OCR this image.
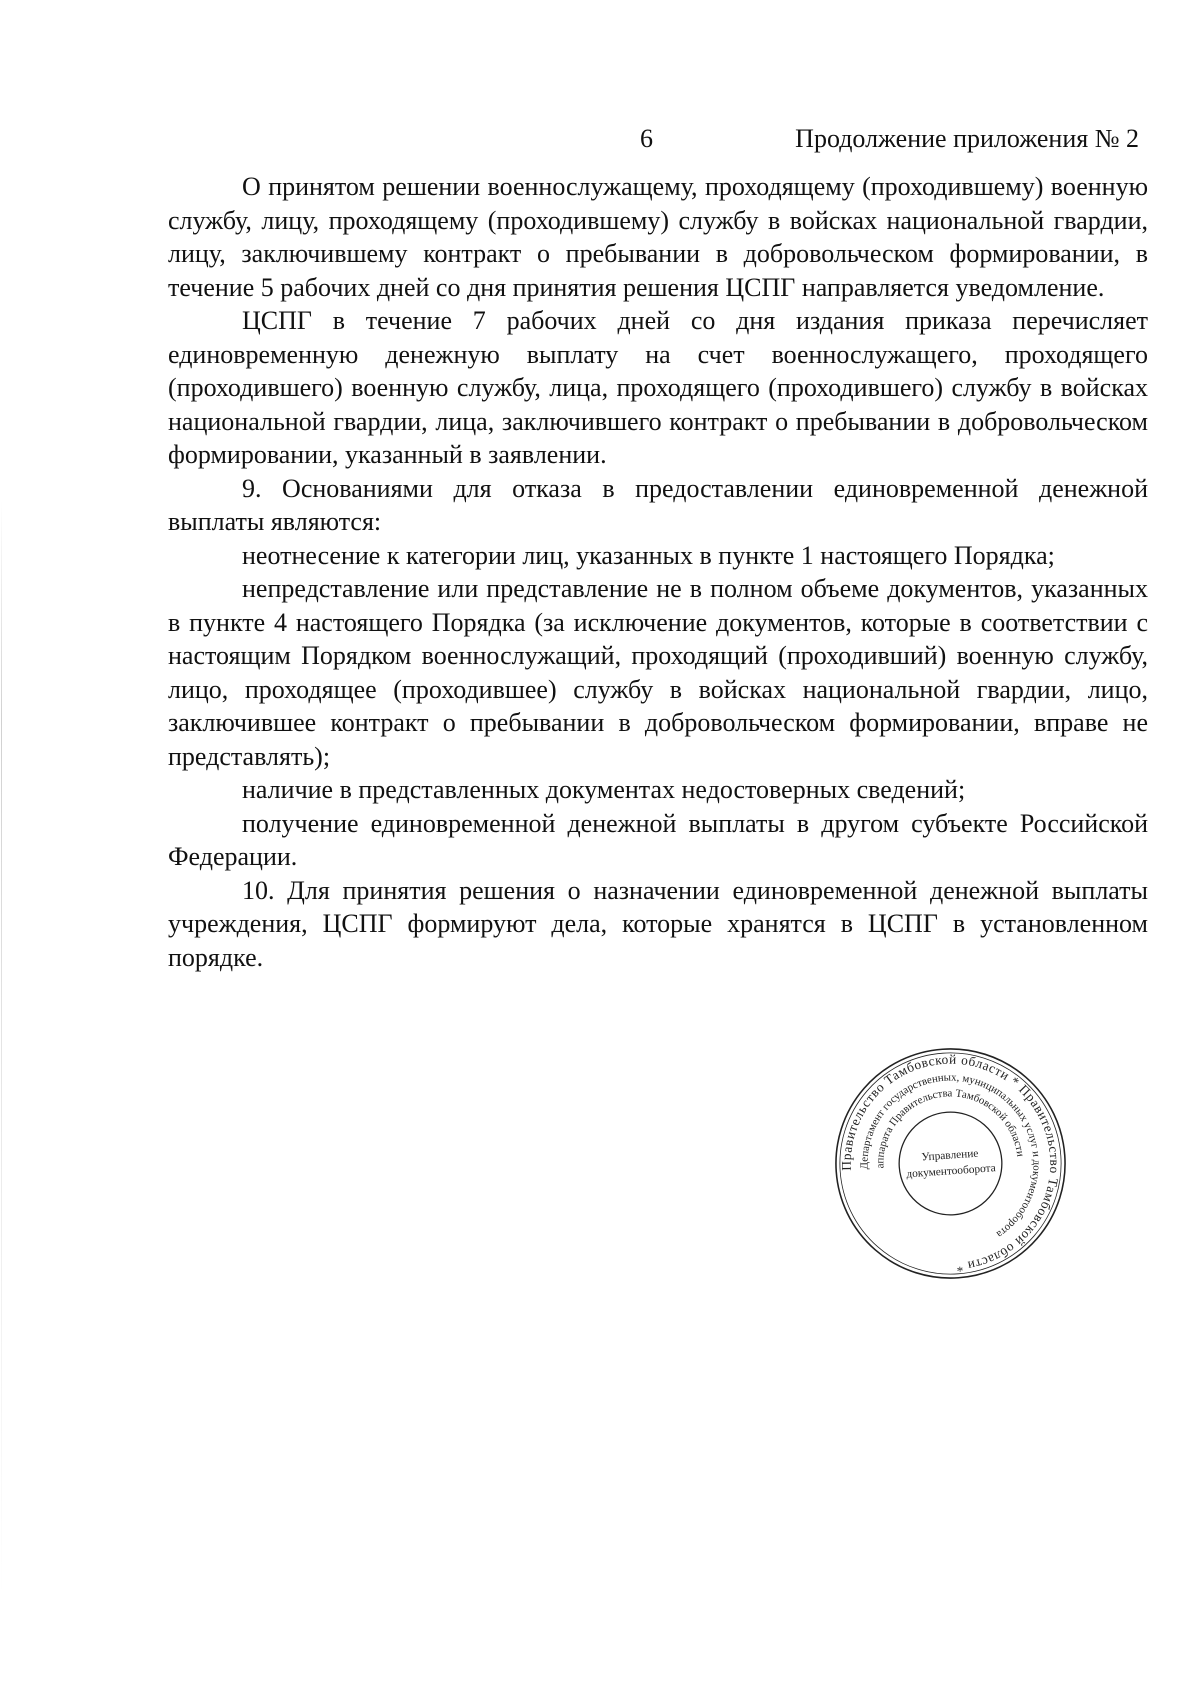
6	Продолжение приложения № 2

О принятом решении военнослужащему, проходящему (проходившему) военную службу, лицу, проходящему (проходившему) службу в войсках национальной гвардии, лицу, заключившему контракт о пребывании в добровольческом формировании, в течение 5 рабочих дней со дня принятия решения ЦСПГ направляется уведомление.

ЦСПГ в течение 7 рабочих дней со дня издания приказа перечисляет единовременную денежную выплату на счет военнослужащего, проходящего (проходившего) военную службу, лица, проходящего (проходившего) службу в войсках национальной гвардии, лица, заключившего контракт о пребывании в добровольческом формировании, указанный в заявлении.

9. Основаниями для отказа в предоставлении единовременной денежной выплаты являются:

неотнесение к категории лиц, указанных в пункте 1 настоящего Порядка;

непредставление или представление не в полном объеме документов, указанных в пункте 4 настоящего Порядка (за исключение документов, которые в соответствии с настоящим Порядком военнослужащий, проходящий (проходивший) военную службу, лицо, проходящее (проходившее) службу в войсках национальной гвардии, лицо, заключившее контракт о пребывании в добровольческом формировании, вправе не представлять);

наличие в представленных документах недостоверных сведений;

получение единовременной денежной выплаты в другом субъекте Российской Федерации.

10. Для принятия решения о назначении единовременной денежной выплаты учреждения, ЦСПГ формируют дела, которые хранятся в ЦСПГ в установленном порядке.

Правительство Тамбовской области * Правительство Тамбовской области *
Департамент государственных, муниципальных услуг и документооборота
аппарата Правительства Тамбовской области
Управление
документооборота
